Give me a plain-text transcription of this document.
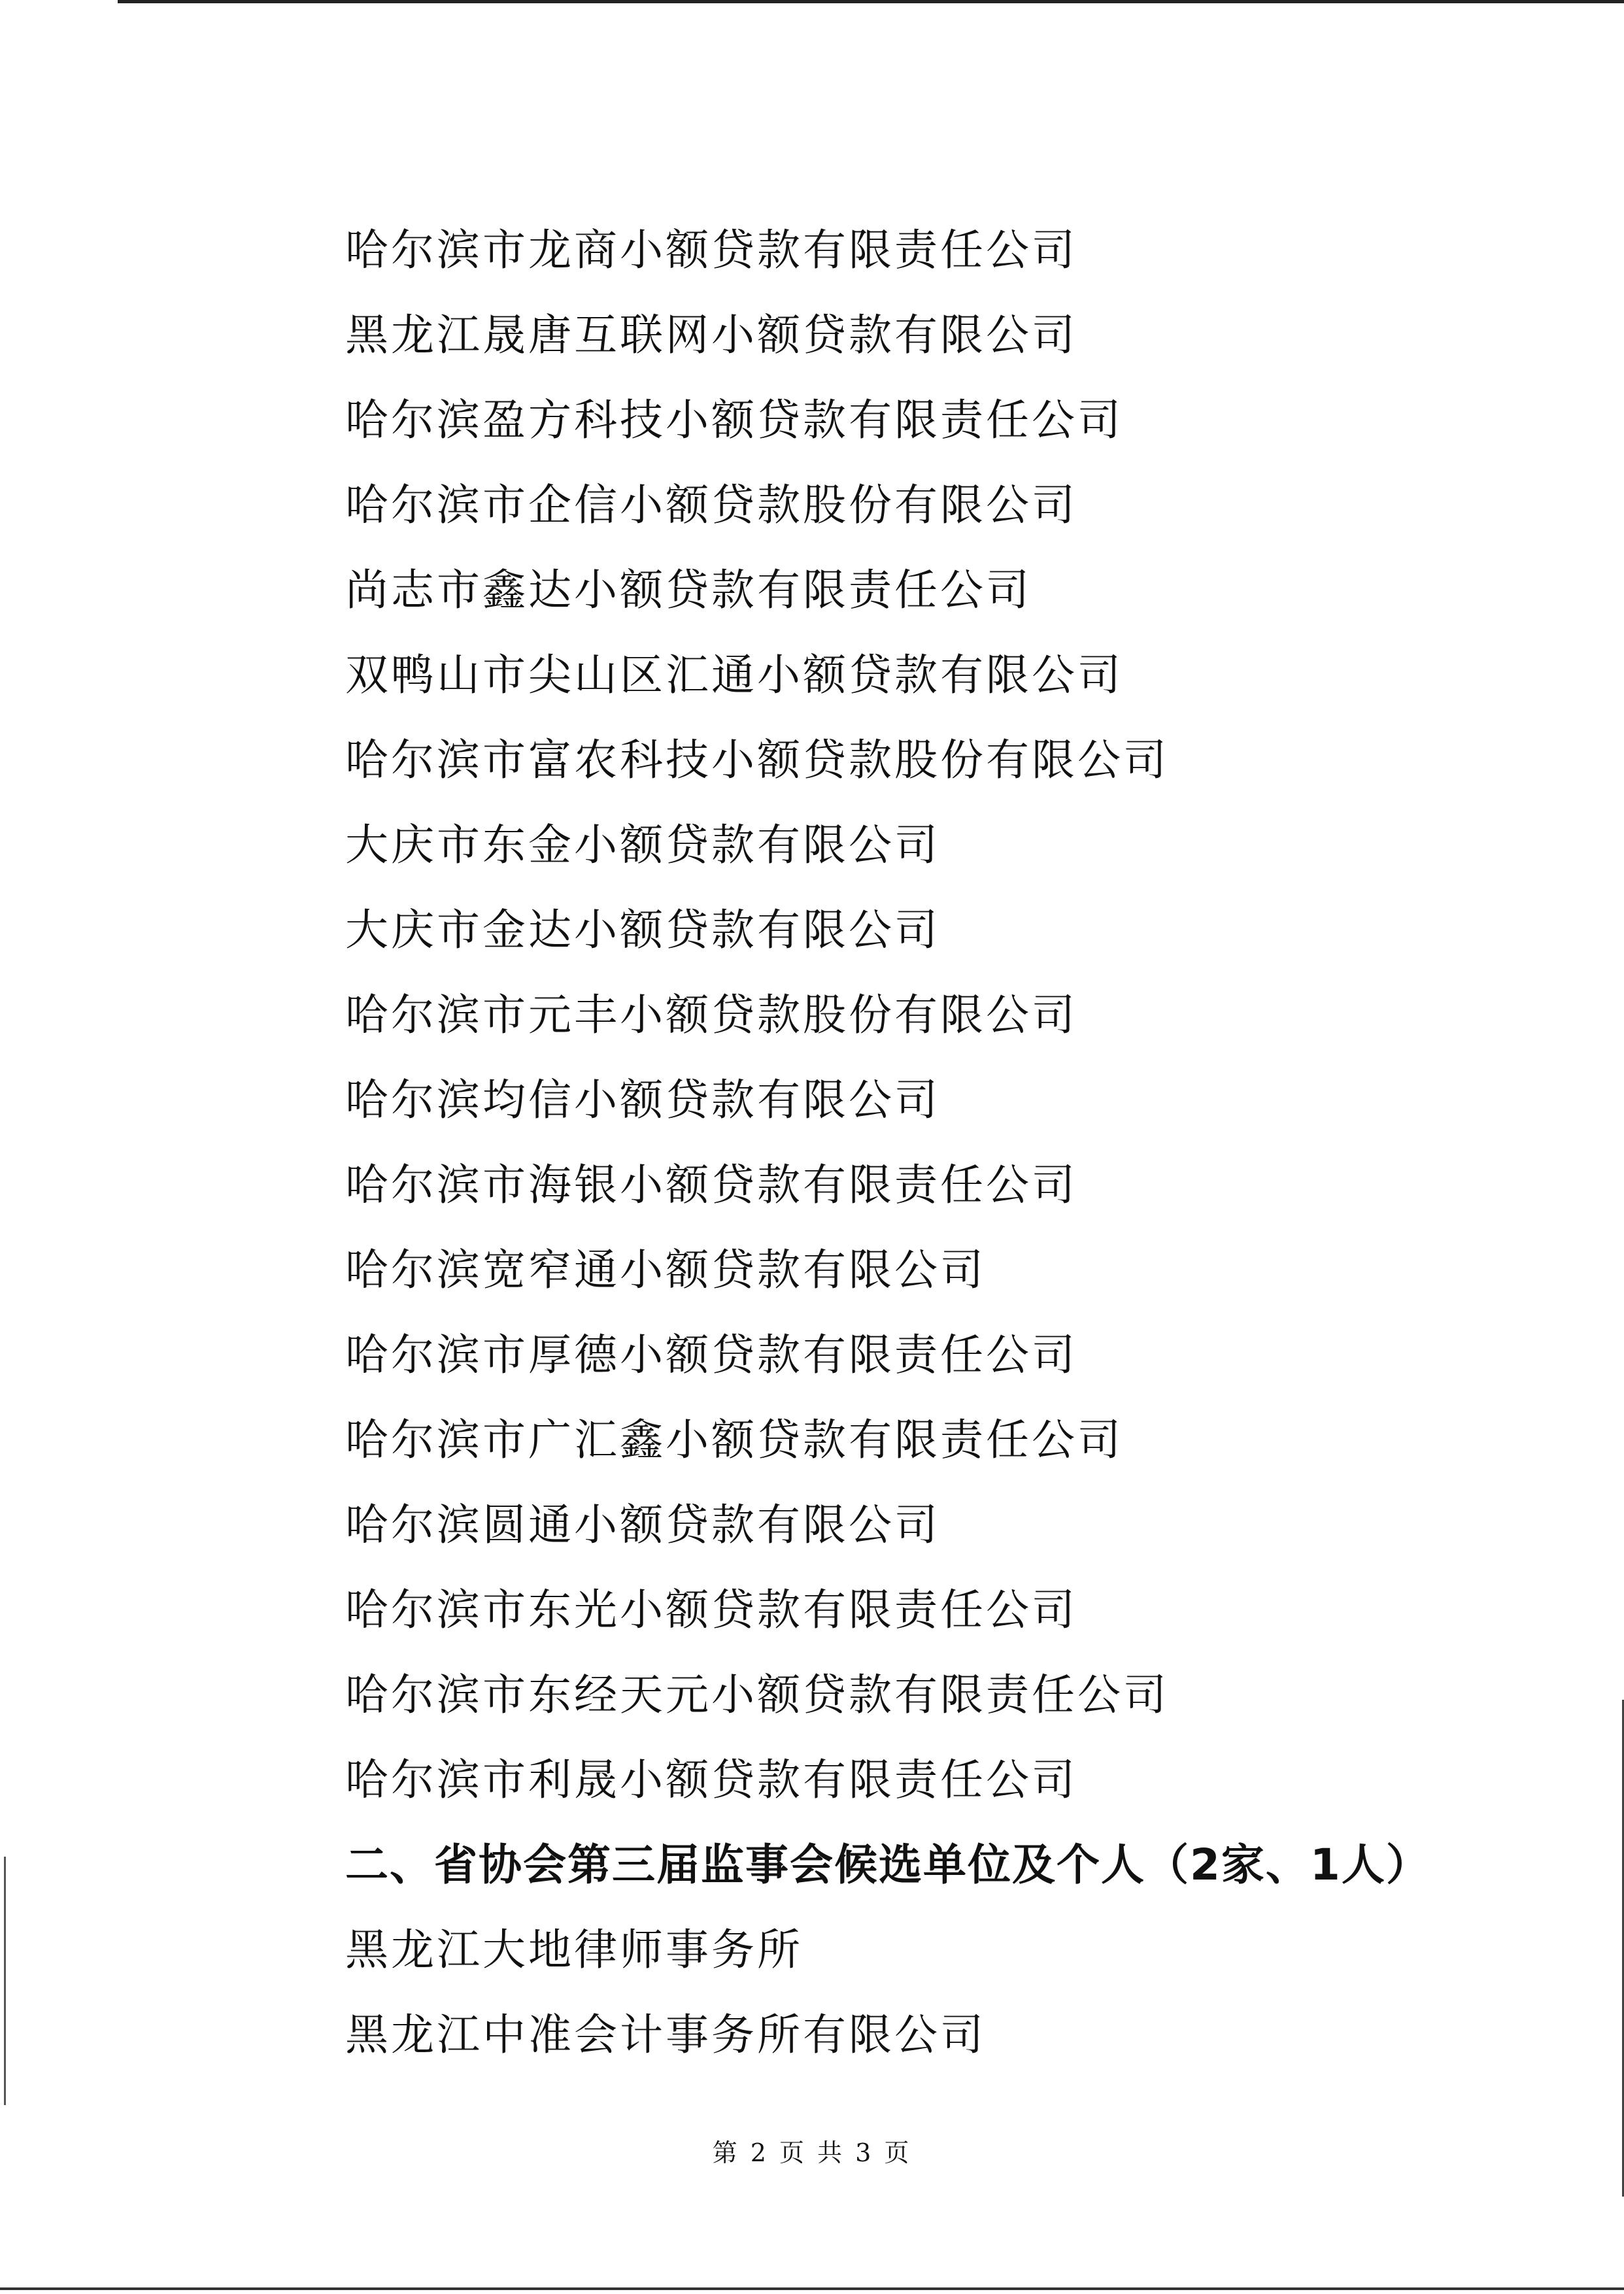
哈尔滨市龙商小额贷款有限责任公司
黑龙江晟唐互联网小额贷款有限公司
哈尔滨盈方科技小额贷款有限责任公司
哈尔滨市企信小额贷款股份有限公司
尚志市鑫达小额贷款有限责任公司
双鸭山市尖山区汇通小额贷款有限公司
哈尔滨市富农科技小额贷款股份有限公司
大庆市东金小额贷款有限公司
大庆市金达小额贷款有限公司
哈尔滨市元丰小额贷款股份有限公司
哈尔滨均信小额贷款有限公司
哈尔滨市海银小额贷款有限责任公司
哈尔滨宽窄通小额贷款有限公司
哈尔滨市厚德小额贷款有限责任公司
哈尔滨市广汇鑫小额贷款有限责任公司
哈尔滨圆通小额贷款有限公司
哈尔滨市东光小额贷款有限责任公司
哈尔滨市东经天元小额贷款有限责任公司
哈尔滨市利晟小额贷款有限责任公司
二、省协会第三届监事会候选单位及个人（2家、1人）
黑龙江大地律师事务所
黑龙江中准会计事务所有限公司
第 2 页 共 3 页
